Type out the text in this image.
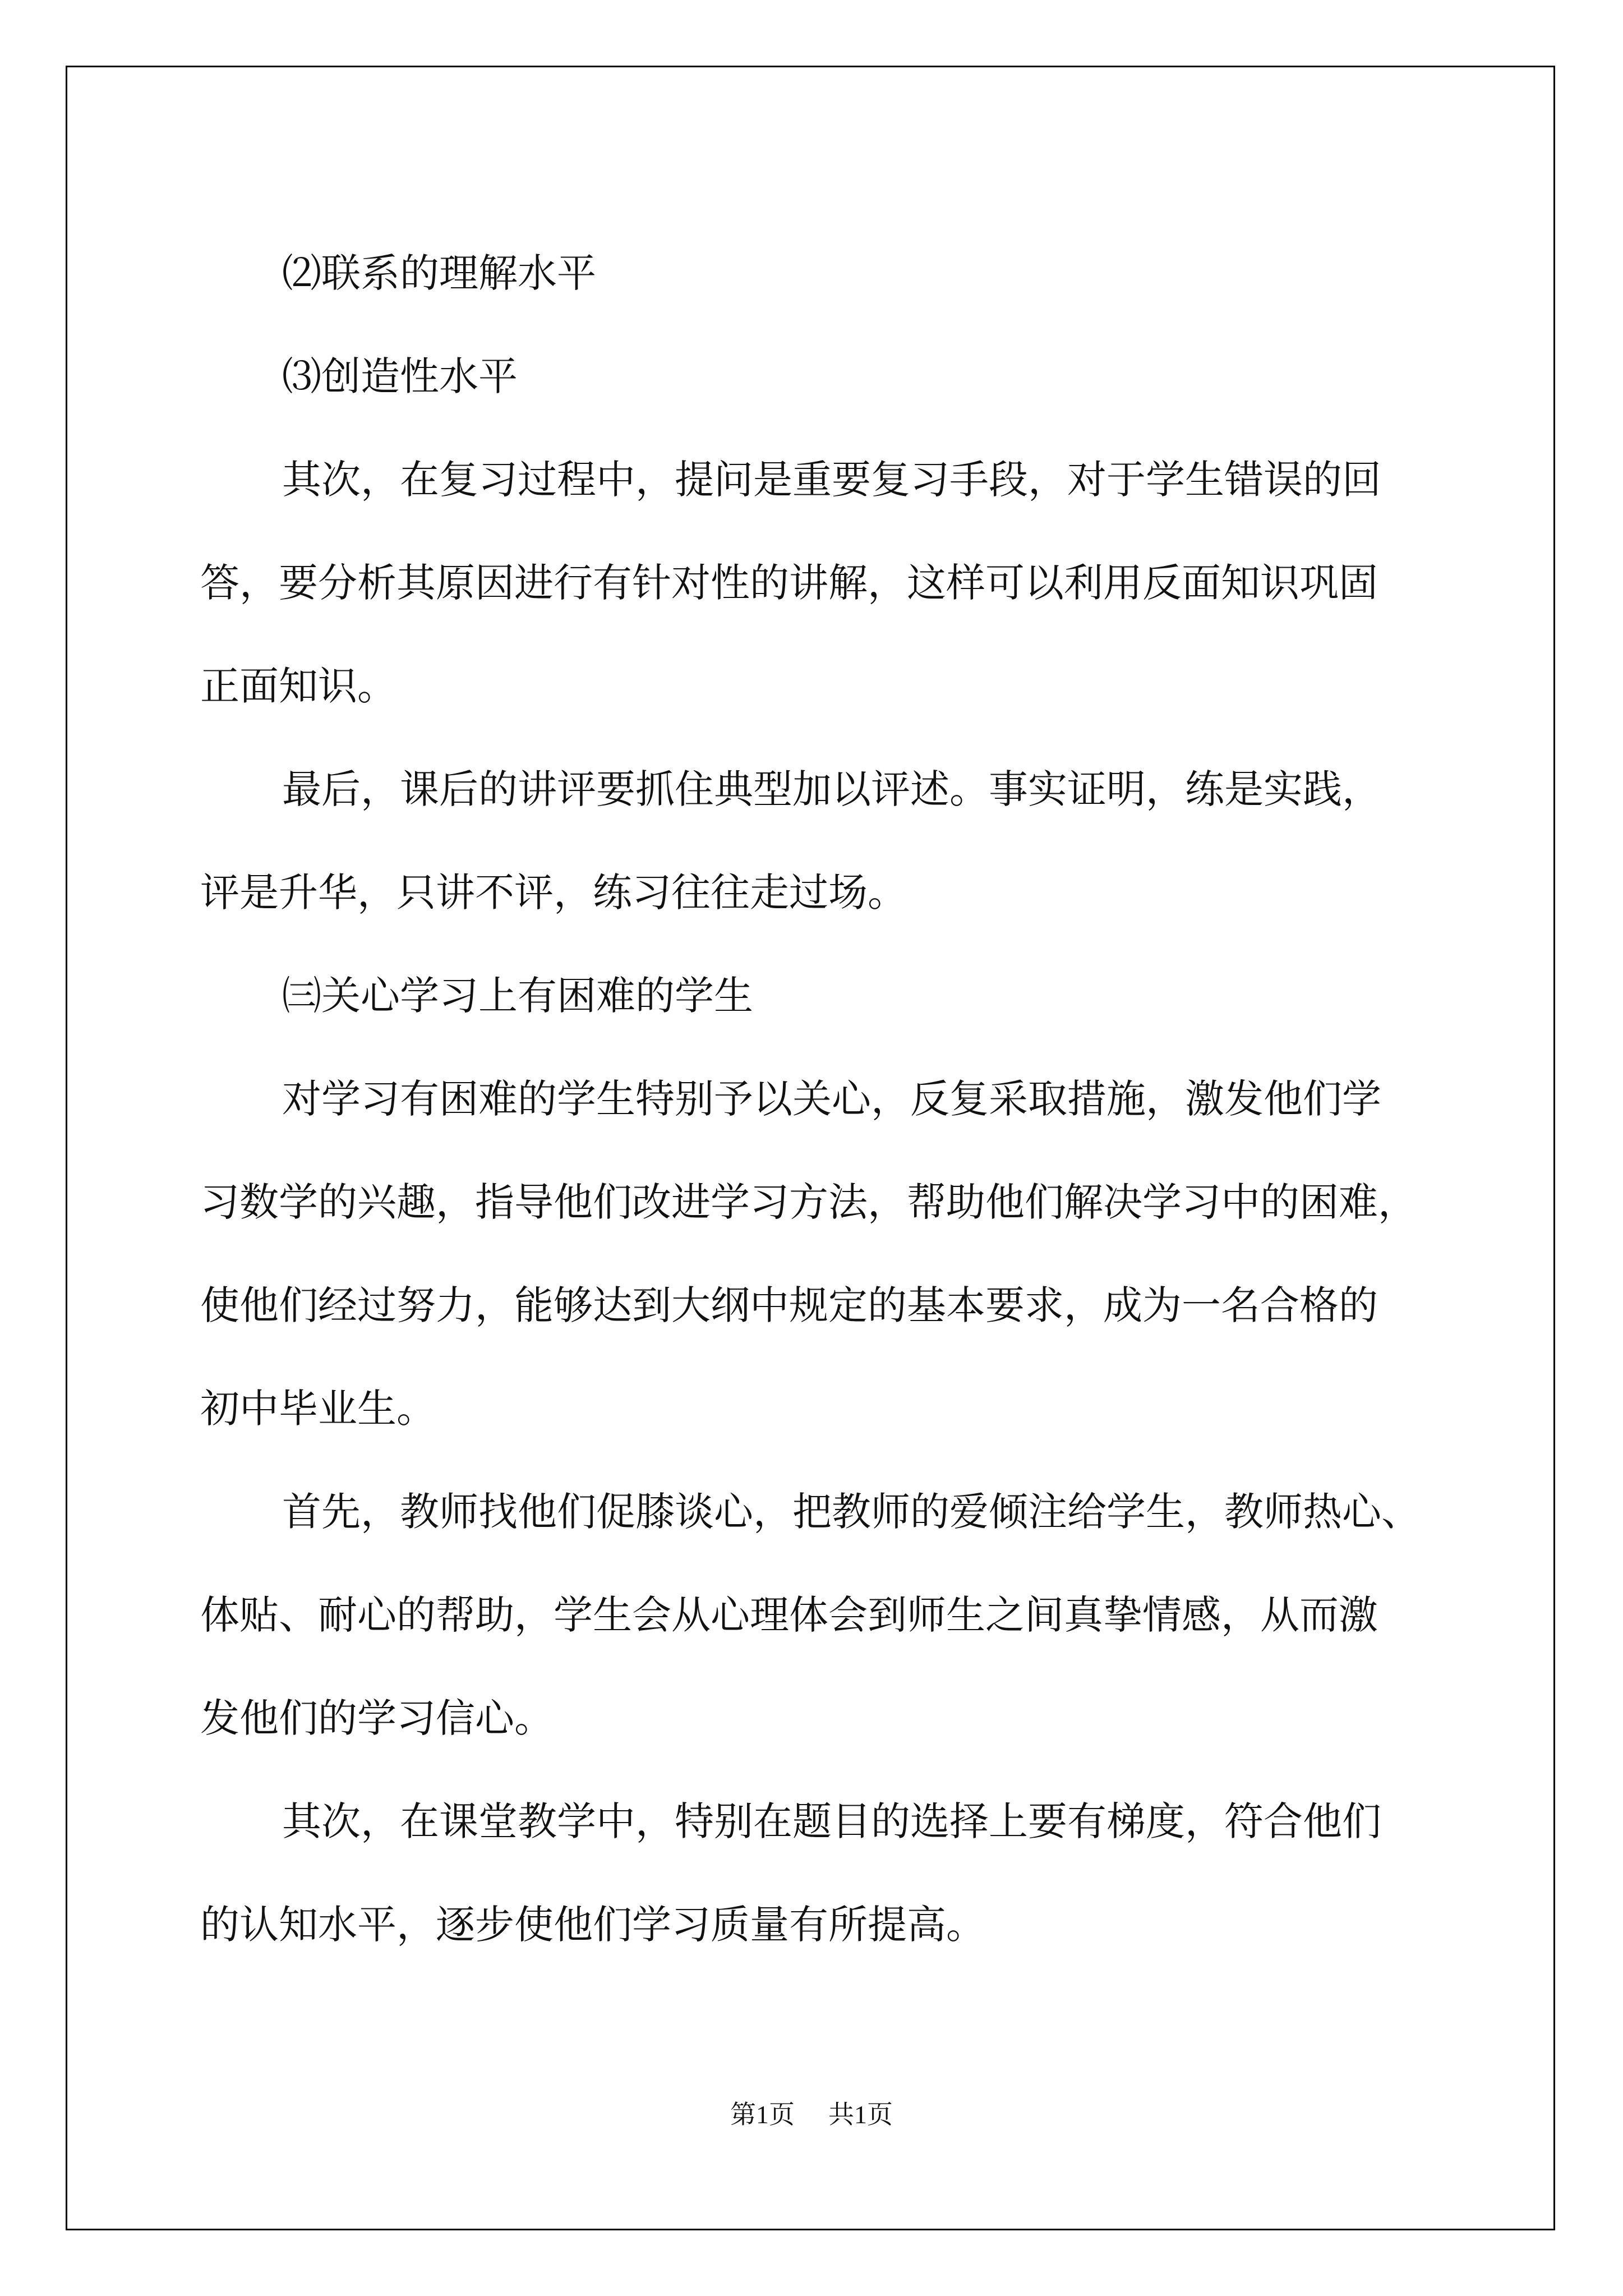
⑵联系的理解水平

⑶创造性水平

其次，在复习过程中，提问是重要复习手段，对于学生错误的回
答，要分析其原因进行有针对性的讲解，这样可以利用反面知识巩固
正面知识。

最后，课后的讲评要抓住典型加以评述。事实证明，练是实践，
评是升华，只讲不评，练习往往走过场。

㈢关心学习上有困难的学生

对学习有困难的学生特别予以关心，反复采取措施，激发他们学
习数学的兴趣，指导他们改进学习方法，帮助他们解决学习中的困难，
使他们经过努力，能够达到大纲中规定的基本要求，成为一名合格的
初中毕业生。

首先，教师找他们促膝谈心，把教师的爱倾注给学生，教师热心、
体贴、耐心的帮助，学生会从心理体会到师生之间真挚情感，从而激
发他们的学习信心。

其次，在课堂教学中，特别在题目的选择上要有梯度，符合他们
的认知水平，逐步使他们学习质量有所提高。

第1页 共1页
